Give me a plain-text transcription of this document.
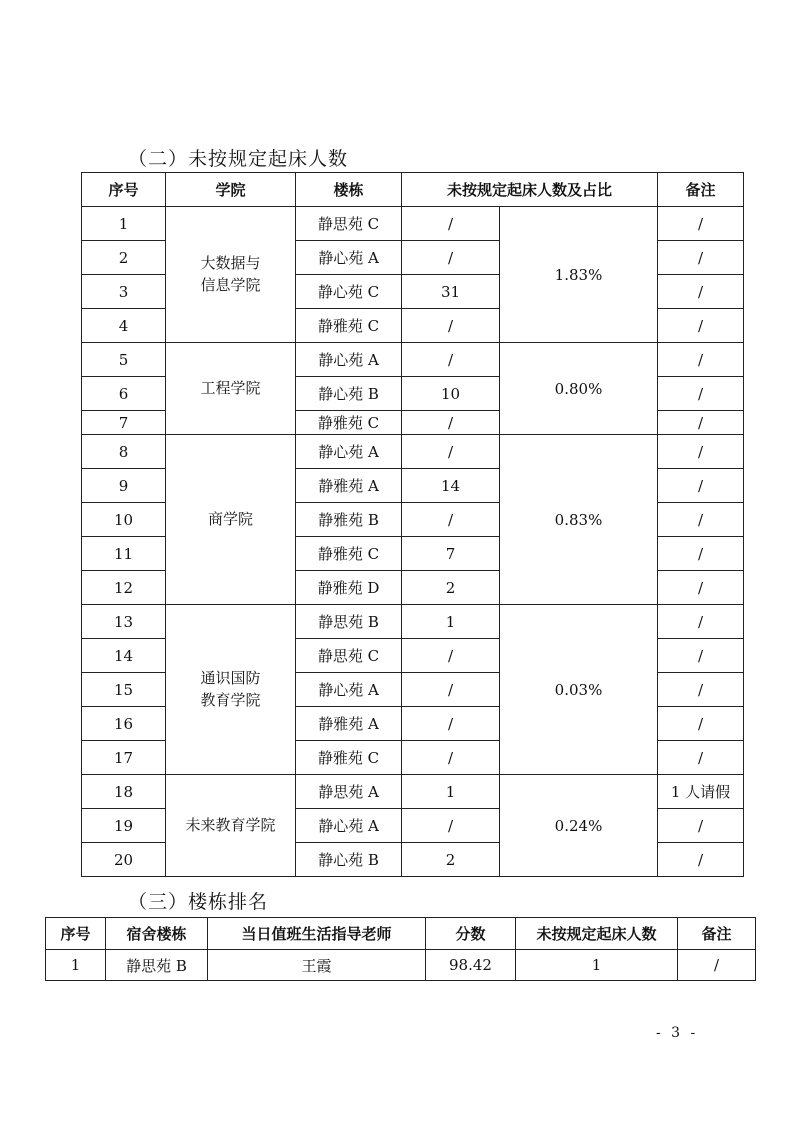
（二）未按规定起床人数
序号	学院	楼栋	未按规定起床人数及占比		备注
1	大数据与
信息学院	静思苑 C	/	1.83%	/
2		静心苑 A	/		/
3		静心苑 C	31		/
4		静雅苑 C	/		/
5	工程学院	静心苑 A	/	0.80%	/
6		静心苑 B	10		/
7		静雅苑 C	/		/
8	商学院	静心苑 A	/	0.83%	/
9		静雅苑 A	14		/
10		静雅苑 B	/		/
11		静雅苑 C	7		/
12		静雅苑 D	2		/
13	通识国防
教育学院	静思苑 B	1	0.03%	/
14		静思苑 C	/		/
15		静心苑 A	/		/
16		静雅苑 A	/		/
17		静雅苑 C	/		/
18	未来教育学院	静思苑 A	1	0.24%	1 人请假
19		静心苑 A	/		/
20		静心苑 B	2		/
（三）楼栋排名
序号	宿舍楼栋	当日值班生活指导老师	分数	未按规定起床人数	备注
1	静思苑 B	王霞	98.42	1	/
- 3 -
